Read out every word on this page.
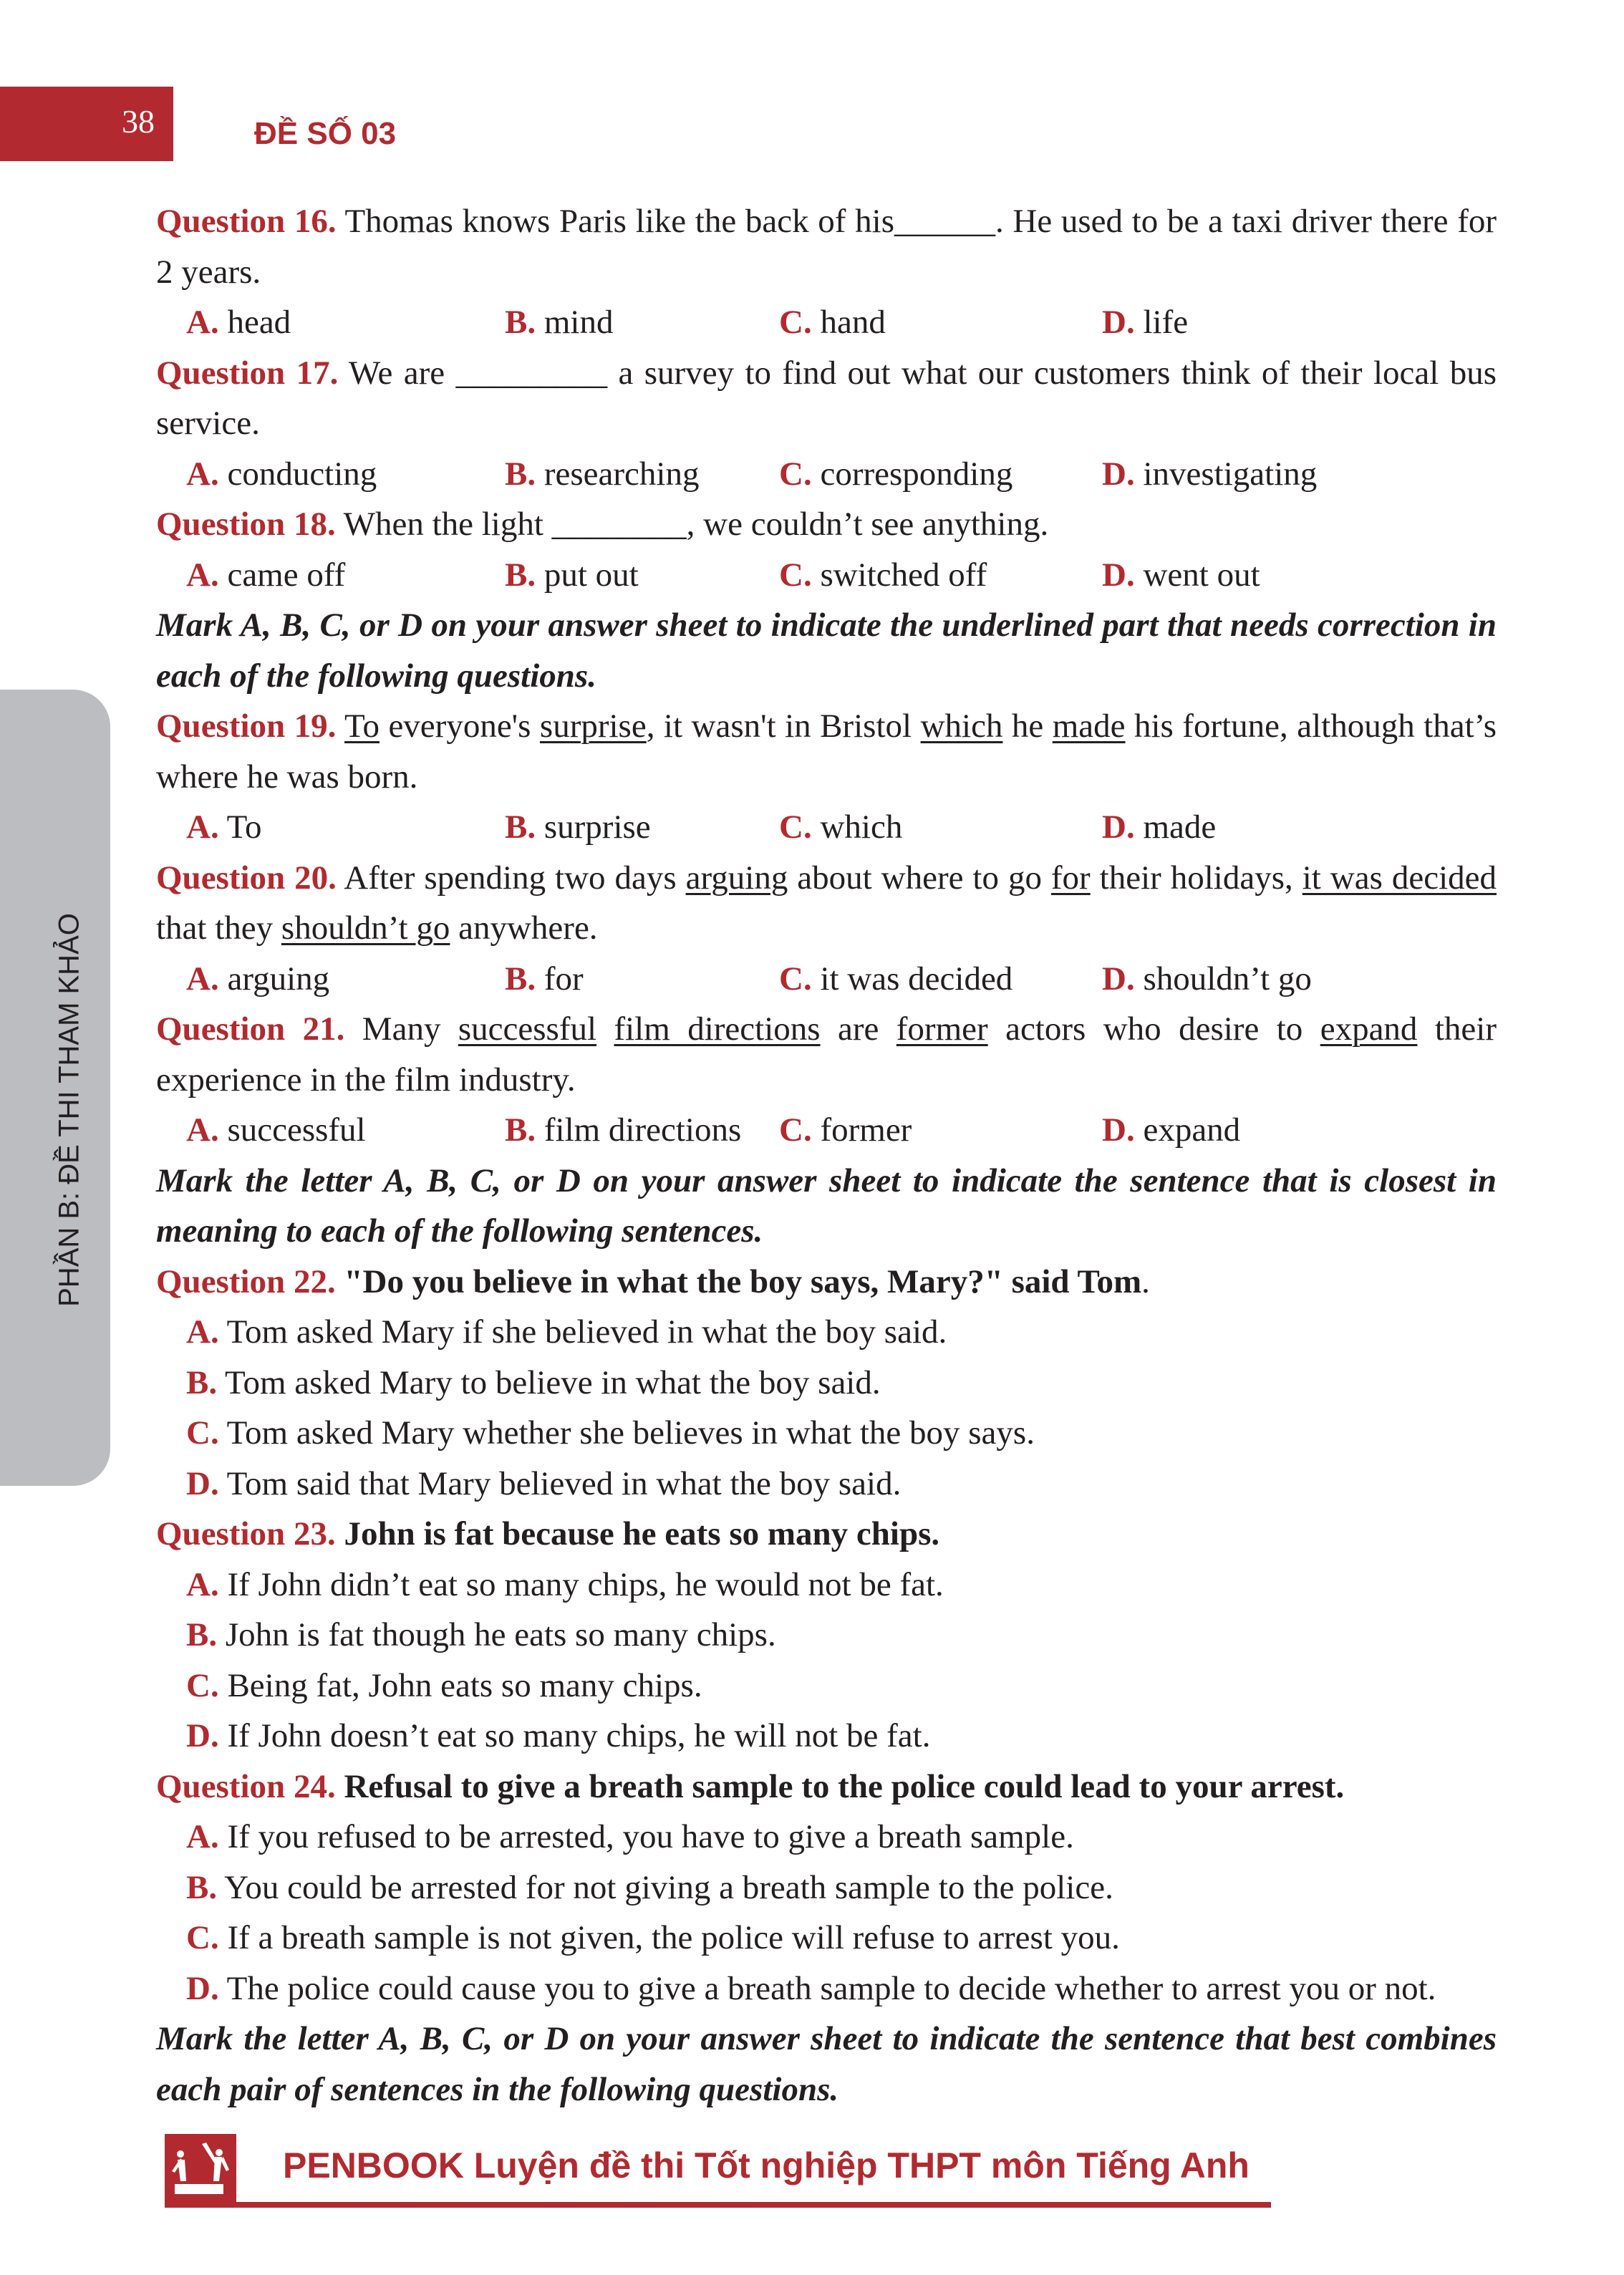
38	ĐỀ SỐ 03
PHẦN B: ĐỀ THI THAM KHẢO

Question 16. Thomas knows Paris like the back of his______. He used to be a taxi driver there for 2 years.

A. head	B. mind	C. hand	D. life

Question 17. We are _________ a survey to find out what our customers think of their local bus service.

A. conducting	B. researching C. corresponding	D. investigating

Question 18. When the light ________, we couldn’t see anything.

A. came off	B. put out	C. switched off	D. went out

Mark A, B, C, or D on your answer sheet to indicate the underlined part that needs correction in each of the following questions.

Question 19. To everyone's surprise, it wasn't in Bristol which he made his fortune, although that’s where he was born.

A. To	B. surprise	C. which	D. made

Question 20. After spending two days arguing about where to go for their holidays, it was decided that they shouldn’t go anywhere.

A. arguing	B. for	C. it was decided	D. shouldn’t go

Question 21. Many successful film directions are former actors who desire to expand their experience in the film industry.

A. successful	B. film directions C. former	D. expand

Mark the letter A, B, C, or D on your answer sheet to indicate the sentence that is closest in meaning to each of the following sentences.

Question 22. "Do you believe in what the boy says, Mary?" said Tom.

A. Tom asked Mary if she believed in what the boy said.
B. Tom asked Mary to believe in what the boy said.
C. Tom asked Mary whether she believes in what the boy says.
D. Tom said that Mary believed in what the boy said.

Question 23. John is fat because he eats so many chips.

A. If John didn’t eat so many chips, he would not be fat.
B. John is fat though he eats so many chips.
C. Being fat, John eats so many chips.
D. If John doesn’t eat so many chips, he will not be fat.

Question 24. Refusal to give a breath sample to the police could lead to your arrest.

A. If you refused to be arrested, you have to give a breath sample.
B. You could be arrested for not giving a breath sample to the police.
C. If a breath sample is not given, the police will refuse to arrest you.
D. The police could cause you to give a breath sample to decide whether to arrest you or not.

Mark the letter A, B, C, or D on your answer sheet to indicate the sentence that best combines each pair of sentences in the following questions.

PENBOOK Luyện đề thi Tốt nghiệp THPT môn Tiếng Anh
